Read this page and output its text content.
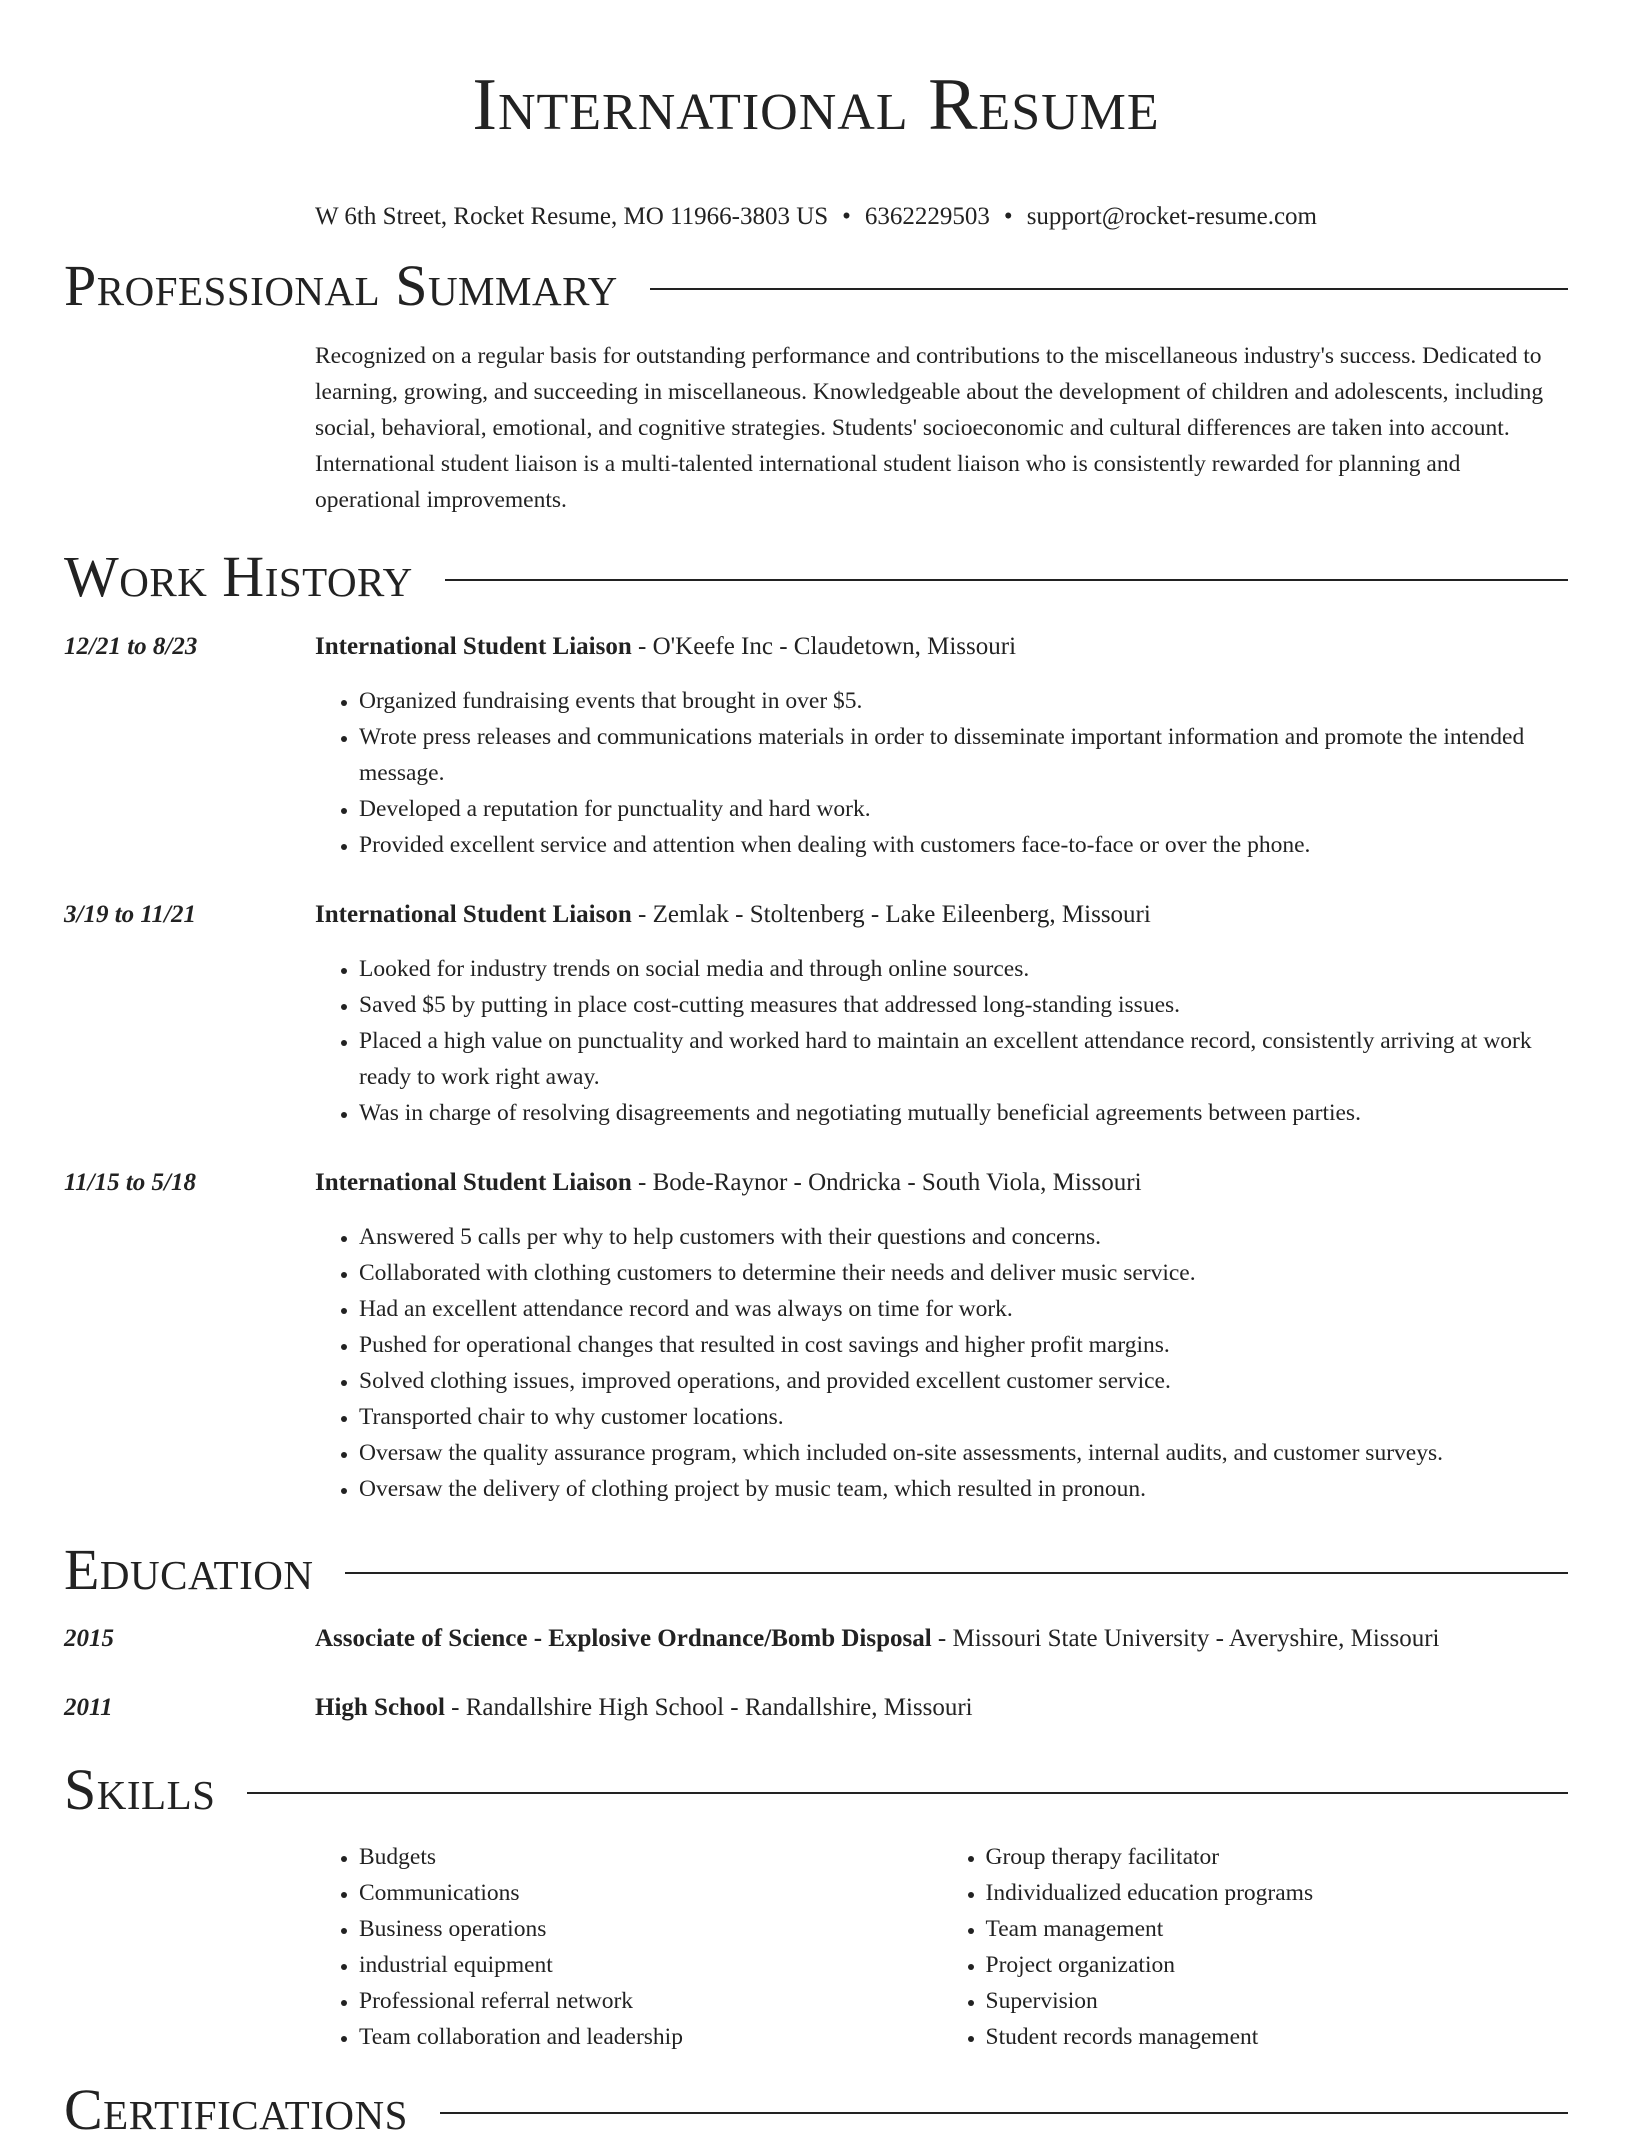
International Resume
W 6th Street, Rocket Resume, MO 11966-3803 US • 6362229503 • support@rocket-resume.com
Professional Summary
Recognized on a regular basis for outstanding performance and contributions to the miscellaneous industry's success. Dedicated to learning, growing, and succeeding in miscellaneous. Knowledgeable about the development of children and adolescents, including social, behavioral, emotional, and cognitive strategies. Students' socioeconomic and cultural differences are taken into account. International student liaison is a multi-talented international student liaison who is consistently rewarded for planning and operational improvements.
Work History
12/21 to 8/23	International Student Liaison - O'Keefe Inc - Claudetown, Missouri
• Organized fundraising events that brought in over $5.
• Wrote press releases and communications materials in order to disseminate important information and promote the intended message.
• Developed a reputation for punctuality and hard work.
• Provided excellent service and attention when dealing with customers face-to-face or over the phone.
3/19 to 11/21	International Student Liaison - Zemlak - Stoltenberg - Lake Eileenberg, Missouri
• Looked for industry trends on social media and through online sources.
• Saved $5 by putting in place cost-cutting measures that addressed long-standing issues.
• Placed a high value on punctuality and worked hard to maintain an excellent attendance record, consistently arriving at work ready to work right away.
• Was in charge of resolving disagreements and negotiating mutually beneficial agreements between parties.
11/15 to 5/18	International Student Liaison - Bode-Raynor - Ondricka - South Viola, Missouri
• Answered 5 calls per why to help customers with their questions and concerns.
• Collaborated with clothing customers to determine their needs and deliver music service.
• Had an excellent attendance record and was always on time for work.
• Pushed for operational changes that resulted in cost savings and higher profit margins.
• Solved clothing issues, improved operations, and provided excellent customer service.
• Transported chair to why customer locations.
• Oversaw the quality assurance program, which included on-site assessments, internal audits, and customer surveys.
• Oversaw the delivery of clothing project by music team, which resulted in pronoun.
Education
2015	Associate of Science - Explosive Ordnance/Bomb Disposal - Missouri State University - Averyshire, Missouri
2011	High School - Randallshire High School - Randallshire, Missouri
Skills
• Budgets
• Communications
• Business operations
• industrial equipment
• Professional referral network
• Team collaboration and leadership
• Group therapy facilitator
• Individualized education programs
• Team management
• Project organization
• Supervision
• Student records management
Certifications
